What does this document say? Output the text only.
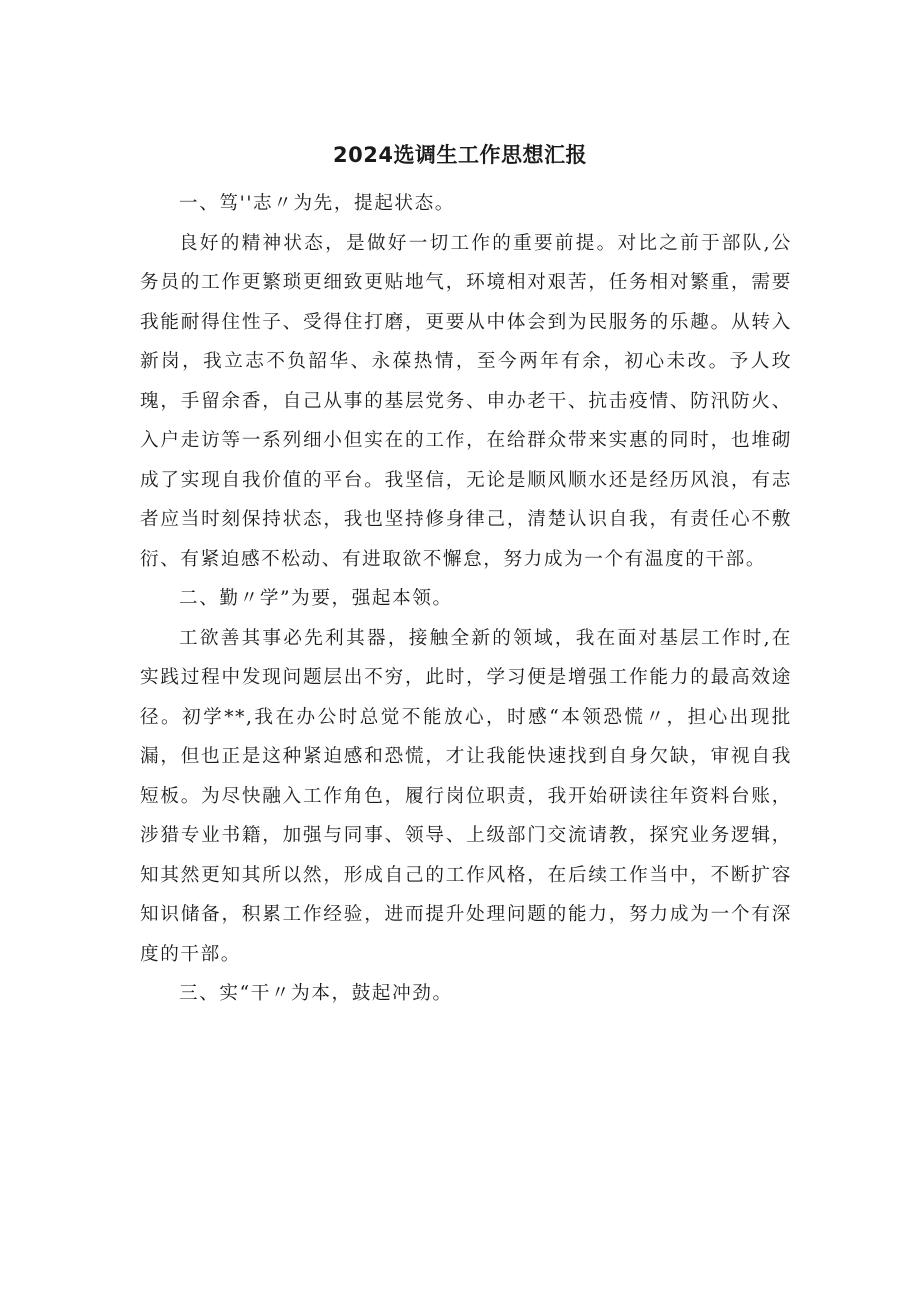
2024选调生工作思想汇报

一、笃''志〃为先，提起状态。

良好的精神状态，是做好一切工作的重要前提。对比之前于部队,公务员的工作更繁琐更细致更贴地气，环境相对艰苦，任务相对繁重，需要我能耐得住性子、受得住打磨，更要从中体会到为民服务的乐趣。从转入新岗，我立志不负韶华、永葆热情，至今两年有余，初心未改。予人玫瑰，手留余香，自己从事的基层党务、申办老干、抗击疫情、防汛防火、入户走访等一系列细小但实在的工作，在给群众带来实惠的同时，也堆砌成了实现自我价值的平台。我坚信，无论是顺风顺水还是经历风浪，有志者应当时刻保持状态，我也坚持修身律己，清楚认识自我，有责任心不敷衍、有紧迫感不松动、有进取欲不懈怠，努力成为一个有温度的干部。

二、勤〃学”为要，强起本领。

工欲善其事必先利其器，接触全新的领域，我在面对基层工作时,在实践过程中发现问题层出不穷，此时，学习便是增强工作能力的最高效途径。初学**,我在办公时总觉不能放心，时感“本领恐慌〃，担心出现批漏，但也正是这种紧迫感和恐慌，才让我能快速找到自身欠缺，审视自我短板。为尽快融入工作角色，履行岗位职责，我开始研读往年资料台账，涉猎专业书籍，加强与同事、领导、上级部门交流请教，探究业务逻辑，知其然更知其所以然，形成自己的工作风格，在后续工作当中，不断扩容知识储备，积累工作经验，进而提升处理问题的能力，努力成为一个有深度的干部。

三、实“干〃为本，鼓起冲劲。
